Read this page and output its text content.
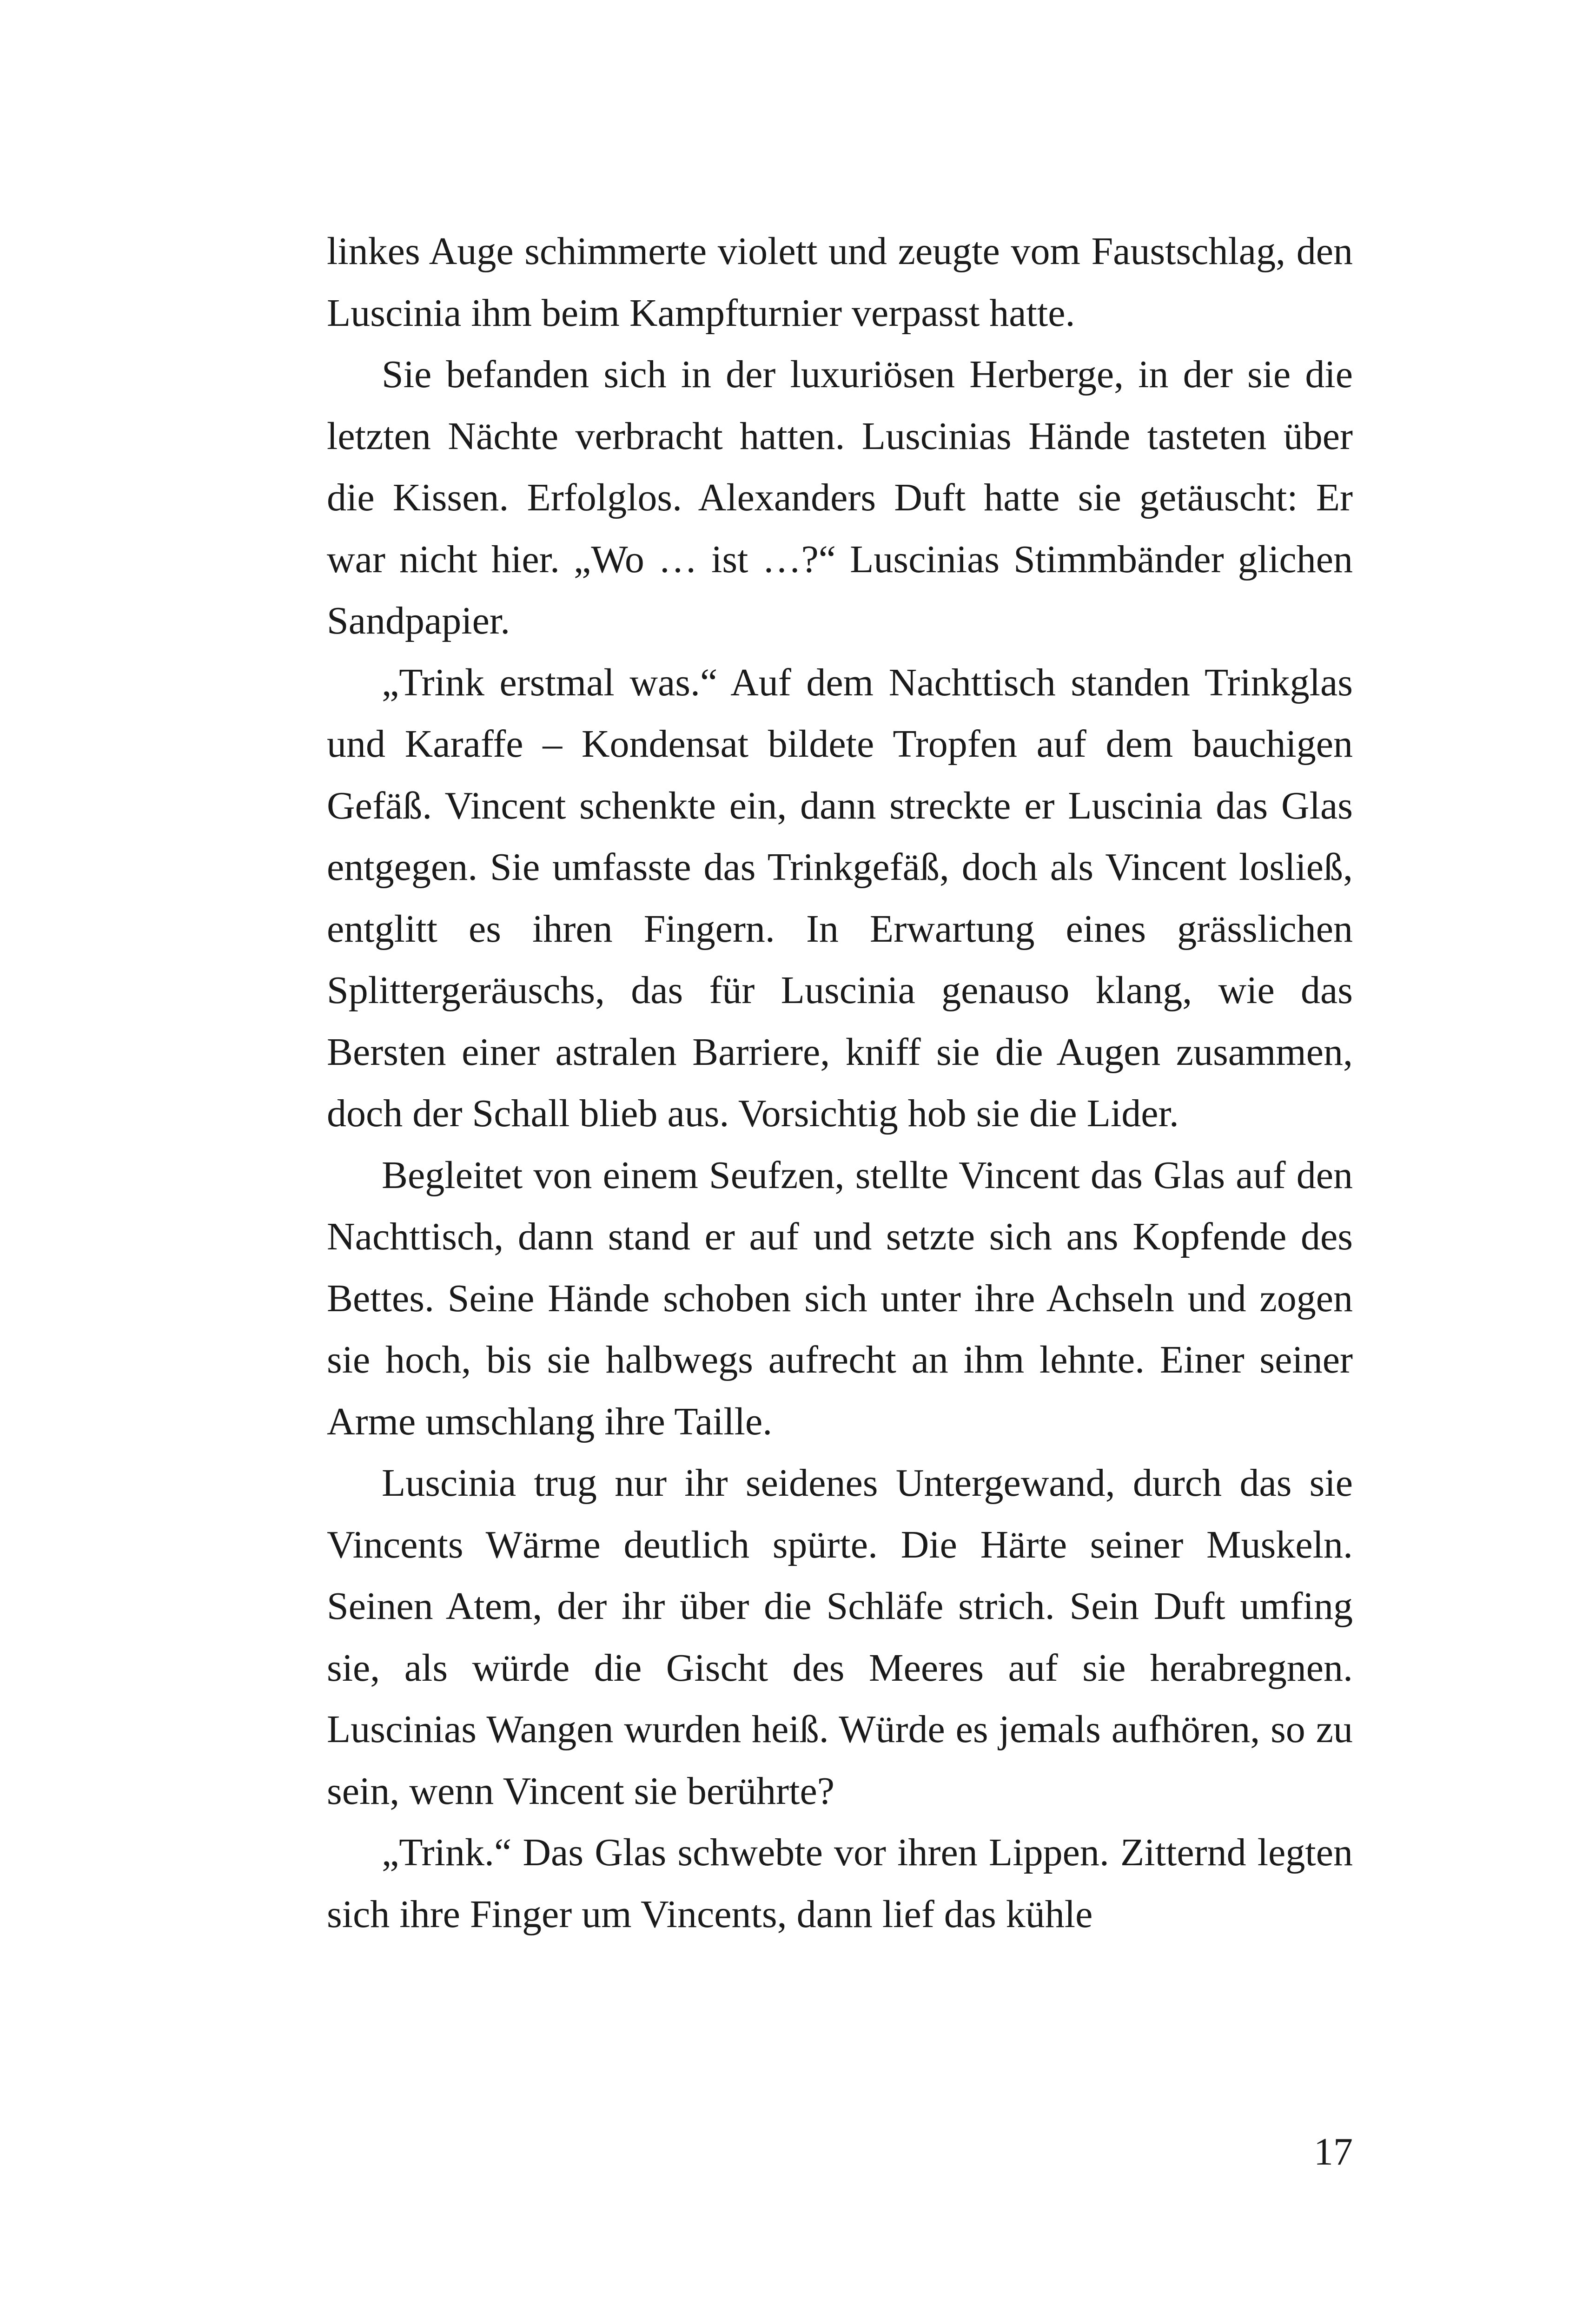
linkes Auge schimmerte violett und zeugte vom Faustschlag, den Luscinia ihm beim Kampfturnier verpasst hatte.

Sie befanden sich in der luxuriösen Herberge, in der sie die letzten Nächte verbracht hatten. Luscinias Hände tasteten über die Kissen. Erfolglos. Alexanders Duft hatte sie getäuscht: Er war nicht hier. „Wo … ist …?“ Luscinias Stimmbänder glichen Sandpapier.

„Trink erstmal was.“ Auf dem Nachttisch standen Trinkglas und Karaffe – Kondensat bildete Tropfen auf dem bauchigen Gefäß. Vincent schenkte ein, dann streckte er Luscinia das Glas entgegen. Sie umfasste das Trinkgefäß, doch als Vincent losließ, entglitt es ihren Fingern. In Erwartung eines grässlichen Splittergeräuschs, das für Luscinia genauso klang, wie das Bersten einer astralen Barriere, kniff sie die Augen zusammen, doch der Schall blieb aus. Vorsichtig hob sie die Lider.

Begleitet von einem Seufzen, stellte Vincent das Glas auf den Nachttisch, dann stand er auf und setzte sich ans Kopfende des Bettes. Seine Hände schoben sich unter ihre Achseln und zogen sie hoch, bis sie halbwegs aufrecht an ihm lehnte. Einer seiner Arme umschlang ihre Taille.

Luscinia trug nur ihr seidenes Untergewand, durch das sie Vincents Wärme deutlich spürte. Die Härte seiner Muskeln. Seinen Atem, der ihr über die Schläfe strich. Sein Duft umfing sie, als würde die Gischt des Meeres auf sie herabregnen. Luscinias Wangen wurden heiß. Würde es jemals aufhören, so zu sein, wenn Vincent sie berührte?

„Trink.“ Das Glas schwebte vor ihren Lippen. Zitternd legten sich ihre Finger um Vincents, dann lief das kühle

17
